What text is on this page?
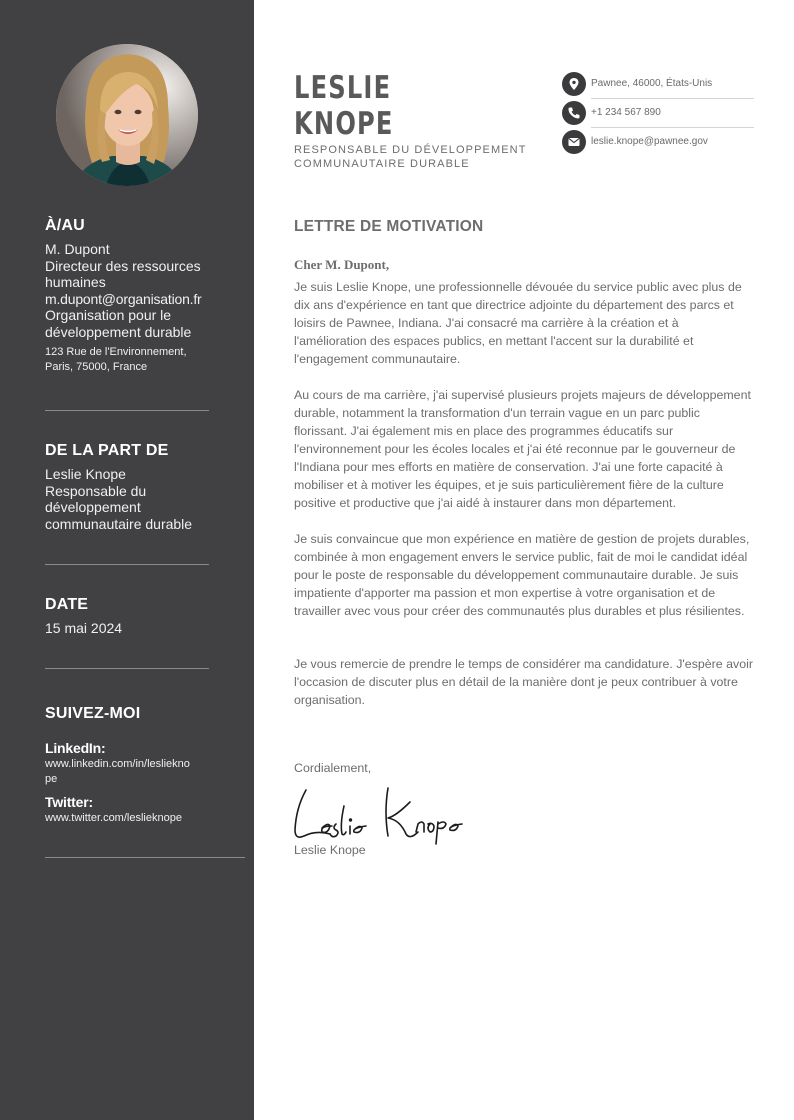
À/AU
M. Dupont
Directeur des ressources
humaines
m.dupont@organisation.fr
Organisation pour le
développement durable
123 Rue de l'Environnement,
Paris, 75000, France
DE LA PART DE
Leslie Knope
Responsable du
développement
communautaire durable
DATE
15 mai 2024
SUIVEZ-MOI
LinkedIn:
www.linkedin.com/in/lesliekno
pe
Twitter:
www.twitter.com/leslieknope
LESLIE
KNOPE
RESPONSABLE DU DÉVELOPPEMENT
COMMUNAUTAIRE DURABLE
Pawnee, 46000, États-Unis
+1 234 567 890
leslie.knope@pawnee.gov
LETTRE DE MOTIVATION
Cher M. Dupont,
Je suis Leslie Knope, une professionnelle dévouée du service public avec plus de dix ans d'expérience en tant que directrice adjointe du département des parcs et loisirs de Pawnee, Indiana. J'ai consacré ma carrière à la création et à l'amélioration des espaces publics, en mettant l'accent sur la durabilité et l'engagement communautaire.
Au cours de ma carrière, j'ai supervisé plusieurs projets majeurs de développement durable, notamment la transformation d'un terrain vague en un parc public florissant. J'ai également mis en place des programmes éducatifs sur l'environnement pour les écoles locales et j'ai été reconnue par le gouverneur de l'Indiana pour mes efforts en matière de conservation. J'ai une forte capacité à mobiliser et à motiver les équipes, et je suis particulièrement fière de la culture positive et productive que j'ai aidé à instaurer dans mon département.
Je suis convaincue que mon expérience en matière de gestion de projets durables, combinée à mon engagement envers le service public, fait de moi le candidat idéal pour le poste de responsable du développement communautaire durable. Je suis impatiente d'apporter ma passion et mon expertise à votre organisation et de travailler avec vous pour créer des communautés plus durables et plus résilientes.
Je vous remercie de prendre le temps de considérer ma candidature. J'espère avoir l'occasion de discuter plus en détail de la manière dont je peux contribuer à votre organisation.
Cordialement,
Leslie Knope
